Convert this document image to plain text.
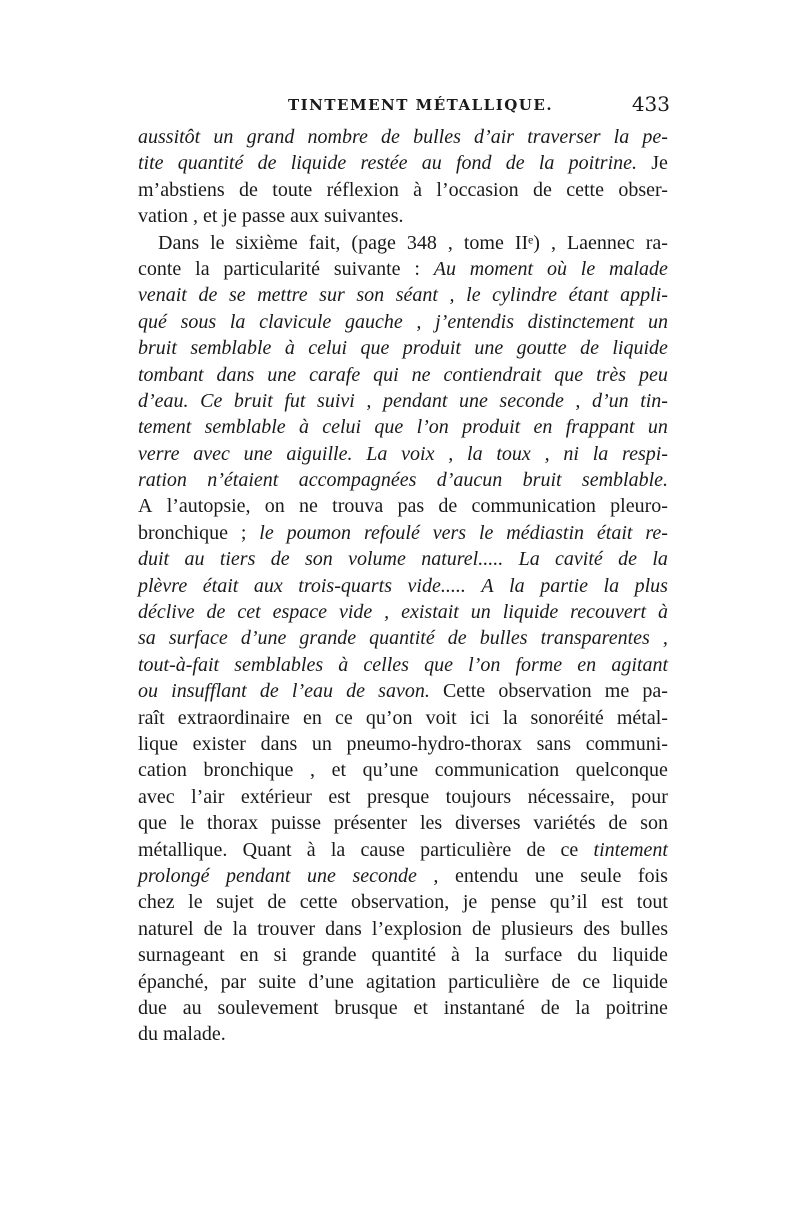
TINTEMENT MÉTALLIQUE.	433
aussitôt un grand nombre de bulles d’air traverser la pe-
tite quantité de liquide restée au fond de la poitrine. Je
m’abstiens de toute réflexion à l’occasion de cette obser-
vation , et je passe aux suivantes.
Dans le sixième fait, (page 348 , tome IIᵉ) , Laennec ra-
conte la particularité suivante : Au moment où le malade
venait de se mettre sur son séant , le cylindre étant appli-
qué sous la clavicule gauche , j’entendis distinctement un
bruit semblable à celui que produit une goutte de liquide
tombant dans une carafe qui ne contiendrait que très peu
d’eau. Ce bruit fut suivi , pendant une seconde , d’un tin-
tement semblable à celui que l’on produit en frappant un
verre avec une aiguille. La voix , la toux , ni la respi-
ration n’étaient accompagnées d’aucun bruit semblable.
A l’autopsie, on ne trouva pas de communication pleuro-
bronchique ; le poumon refoulé vers le médiastin était re-
duit au tiers de son volume naturel..... La cavité de la
plèvre était aux trois-quarts vide..... A la partie la plus
déclive de cet espace vide , existait un liquide recouvert à
sa surface d’une grande quantité de bulles transparentes ,
tout-à-fait semblables à celles que l’on forme en agitant
ou insufflant de l’eau de savon. Cette observation me pa-
raît extraordinaire en ce qu’on voit ici la sonoréité métal-
lique exister dans un pneumo-hydro-thorax sans communi-
cation bronchique , et qu’une communication quelconque
avec l’air extérieur est presque toujours nécessaire, pour
que le thorax puisse présenter les diverses variétés de son
métallique. Quant à la cause particulière de ce tintement
prolongé pendant une seconde , entendu une seule fois
chez le sujet de cette observation, je pense qu’il est tout
naturel de la trouver dans l’explosion de plusieurs des bulles
surnageant en si grande quantité à la surface du liquide
épanché, par suite d’une agitation particulière de ce liquide
due au soulevement brusque et instantané de la poitrine
du malade.
